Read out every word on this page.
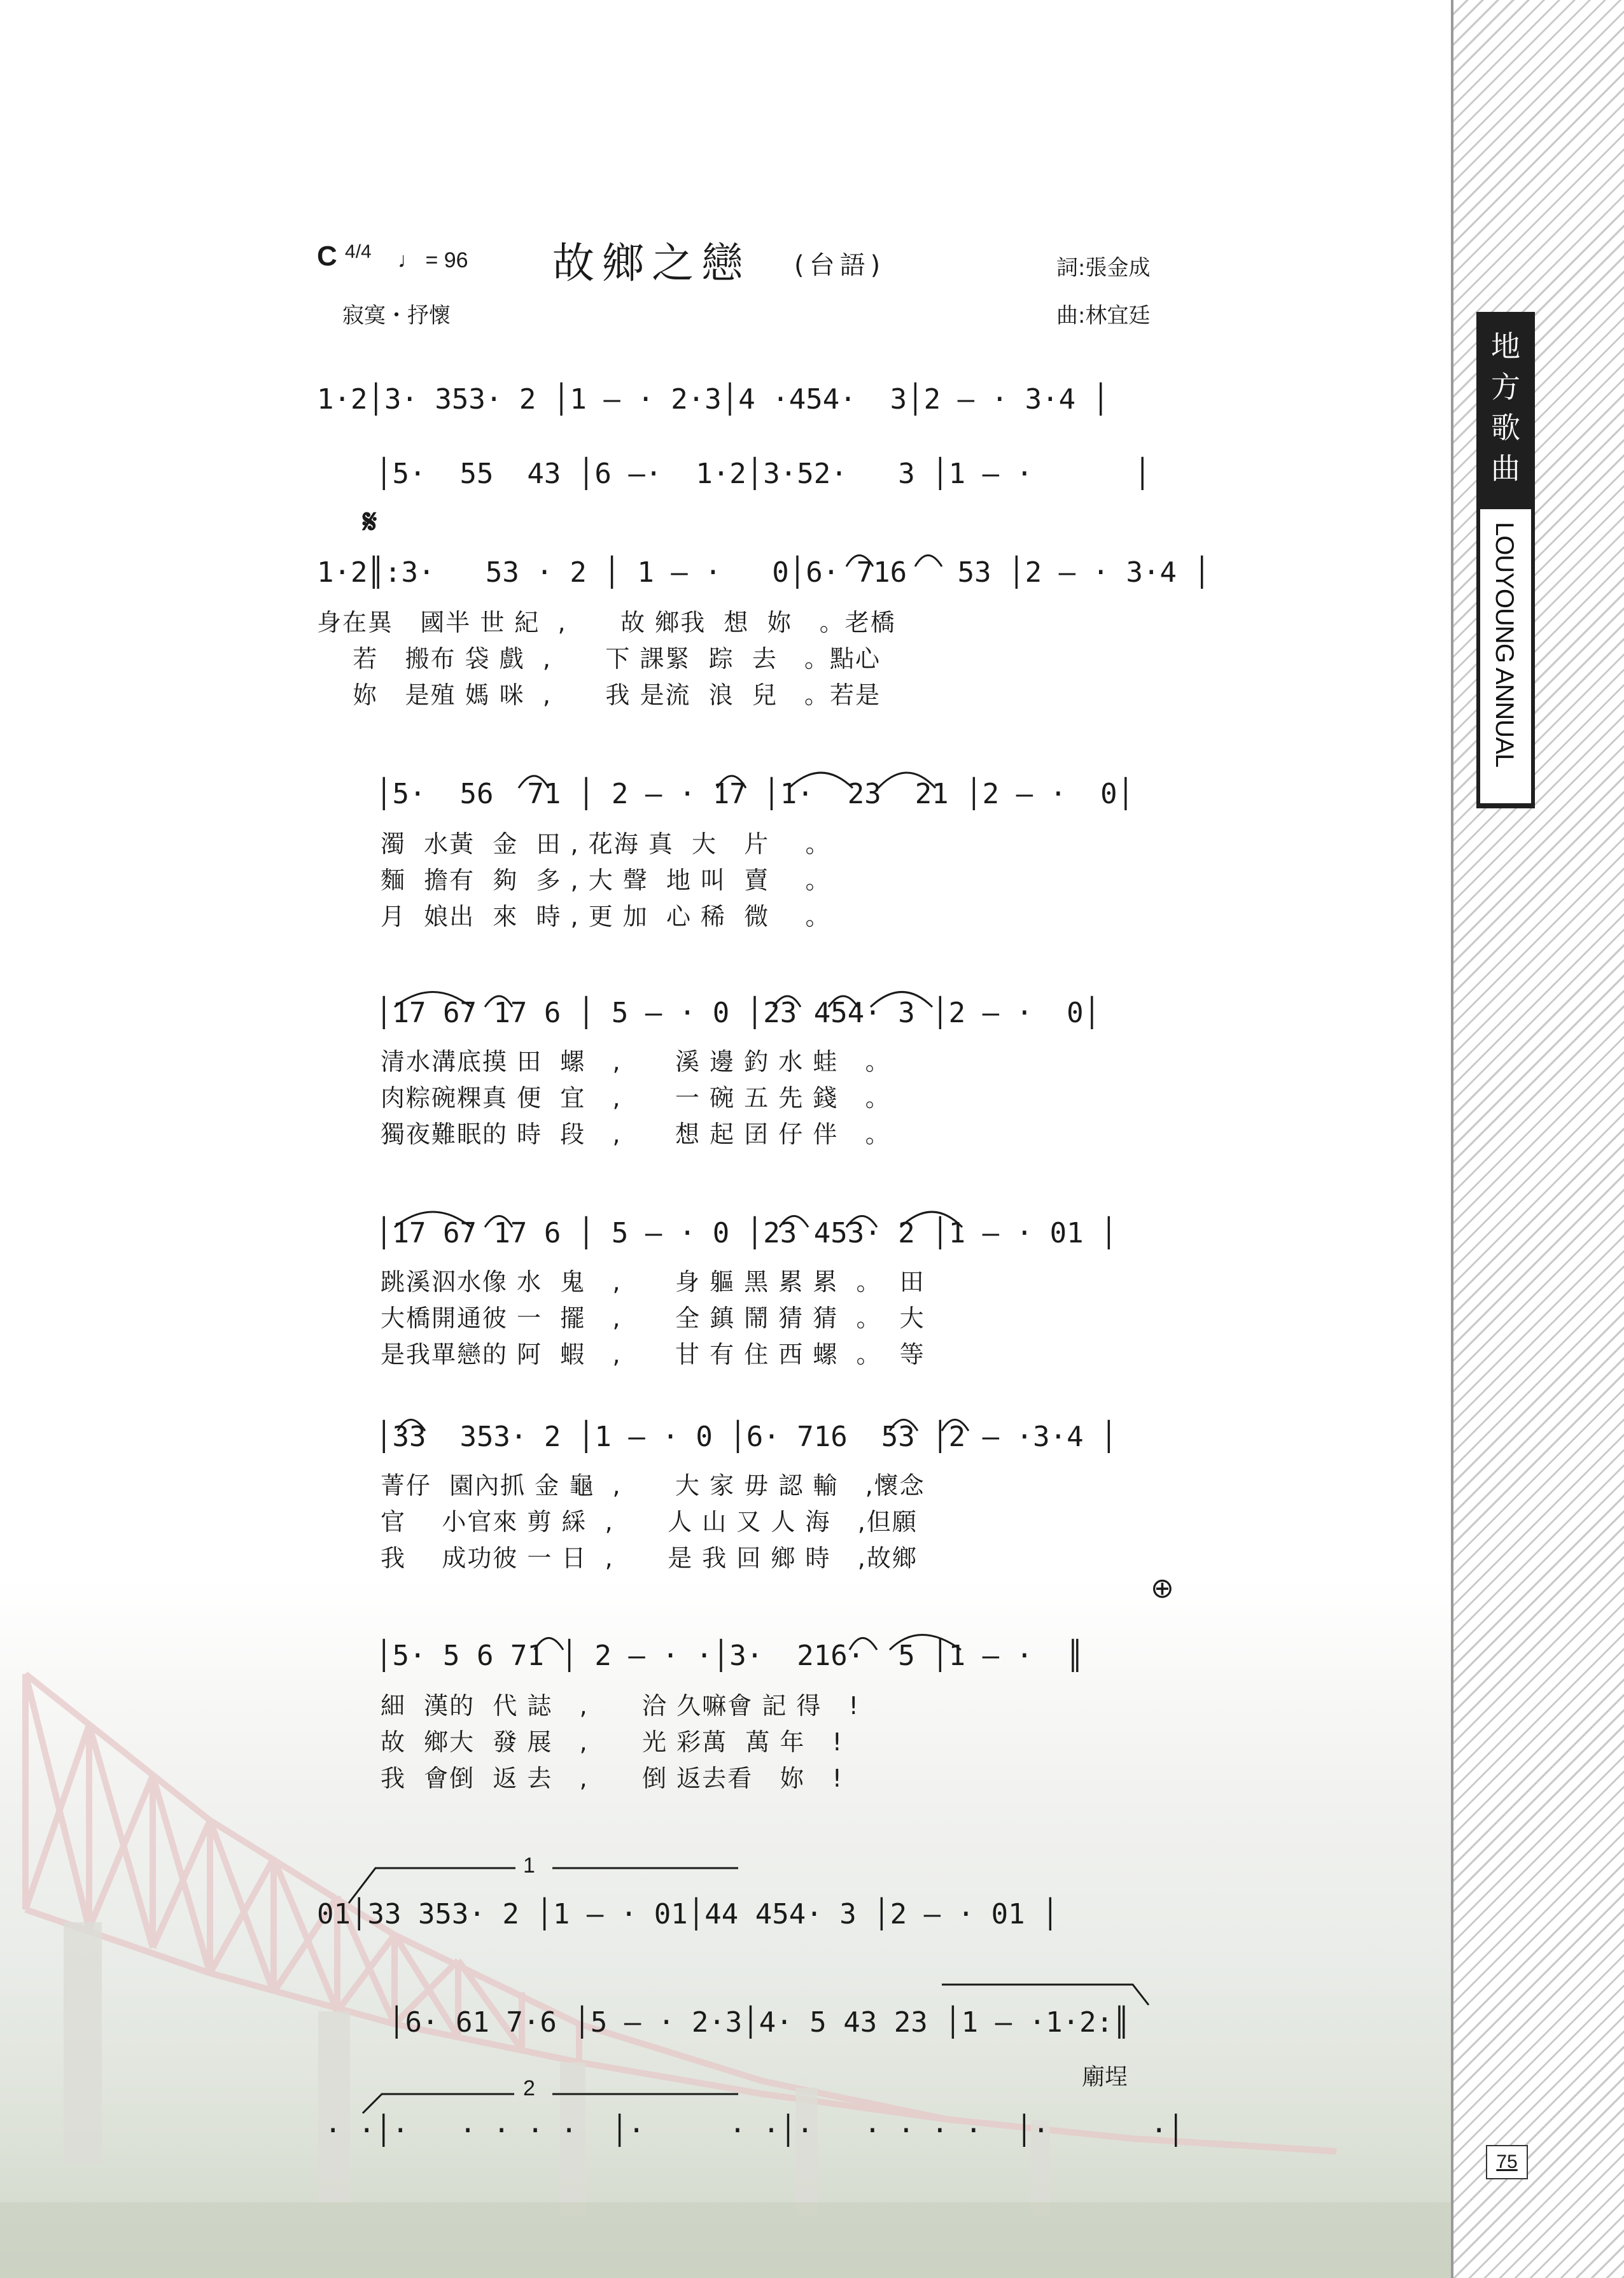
地
方
歌
曲
LOUYOUNG ANNUAL
75
C $^{4/4}$ ♩ = 96 故鄉之戀 (台語)
寂寞・抒懷
詞:張金成
曲:林宜廷
1·2│3· 353· 2 │1 — · 2·3│4 ·454·  3│2 — · 3·4 │
│5·  55  43 │6 —·  1·2│3·52·   3 │1 — ·      │
𝄋
1·2║:3·   53 · 2 │ 1 — ·   0│6· 716   53 │2 — · 3·4 │
身在異   國半 世 紀  ,      故 鄉我  想  妳   。老橋
若   搬布 袋 戲  ,      下 課緊  踪  去   。點心
妳   是殖 媽 咪  ,      我 是流  浪  兒   。若是
│5·  56  71 │ 2 — · 17 │1·  23  21 │2 — ·  0│
濁  水黃  金  田 , 花海 真  大   片    。
麵  擔有  夠  多 , 大 聲  地 叫  賣    。
月  娘出  來  時 , 更 加  心 稀  微    。
│17 67 17 6 │ 5 — · 0 │23 454· 3 │2 — ·  0│
清水溝底摸 田  螺   ,      溪 邊 釣 水 蛙   。
肉粽碗粿真 便  宜   ,      一 碗 五 先 錢   。
獨夜難眠的 時  段   ,      想 起 囝 仔 伴   。
│17 67 17 6 │ 5 — · 0 │23 453· 2 │1 — · 01 │
跳溪泅水像 水  鬼   ,      身 軀 黑 累 累  。  田
大橋開通彼 一  擺   ,      全 鎮 鬧 猜 猜  。  大
是我單戀的 阿  蝦   ,      甘 有 住 西 螺  。  等
│33  353· 2 │1 — · 0 │6· 716  53 │2 — ·3·4 │
菁仔  園內抓 金 龜  ,      大 家 毋 認 輸   ,懷念
官    小官來 剪 綵  ,      人 山 又 人 海   ,但願
我    成功彼 一 日  ,      是 我 回 鄉 時   ,故鄉
⊕
│5· 5 6 71 │ 2 — · ·│3·  216·  5 │1 — ·  ║
細  漢的  代 誌   ,      洽 久嘛會 記 得   !
故  鄉大  發 展   ,      光 彩萬  萬 年   !
我  會倒  返 去   ,      倒 返去看   妳   !
1
01│33 353· 2 │1 — · 01│44 454· 3 │2 — · 01 │
│6· 61 7·6 │5 — · 2·3│4· 5 43 23 │1 — ·1·2:║
廟埕
2
· ·│·   · · · ·  │·     · ·│·   · · · ·  │·      ·│
